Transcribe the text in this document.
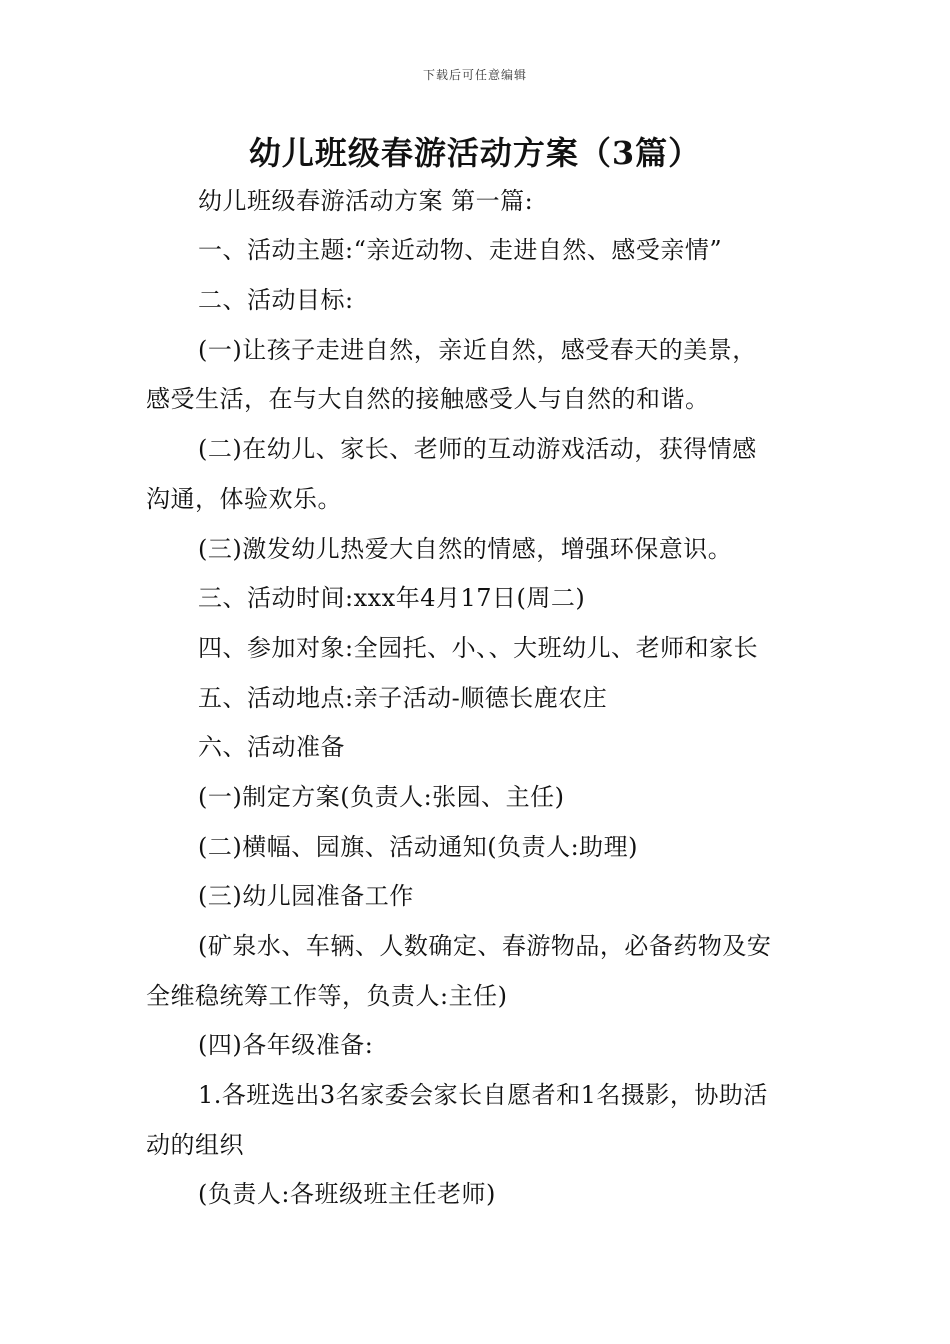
下载后可任意编辑
幼儿班级春游活动方案（3篇）
幼儿班级春游活动方案 第一篇:
一、活动主题:“亲近动物、走进自然、感受亲情”
二、活动目标:
(一)让孩子走进自然，亲近自然，感受春天的美景，
感受生活，在与大自然的接触感受人与自然的和谐。
(二)在幼儿、家长、老师的互动游戏活动，获得情感
沟通，体验欢乐。
(三)激发幼儿热爱大自然的情感，增强环保意识。
三、活动时间:xxx年4月17日(周二)
四、参加对象:全园托、小、、大班幼儿、老师和家长
五、活动地点:亲子活动-顺德长鹿农庄
六、活动准备
(一)制定方案(负责人:张园、主任)
(二)横幅、园旗、活动通知(负责人:助理)
(三)幼儿园准备工作
(矿泉水、车辆、人数确定、春游物品，必备药物及安
全维稳统筹工作等，负责人:主任)
(四)各年级准备:
1.各班选出3名家委会家长自愿者和1名摄影，协助活
动的组织
(负责人:各班级班主任老师)
